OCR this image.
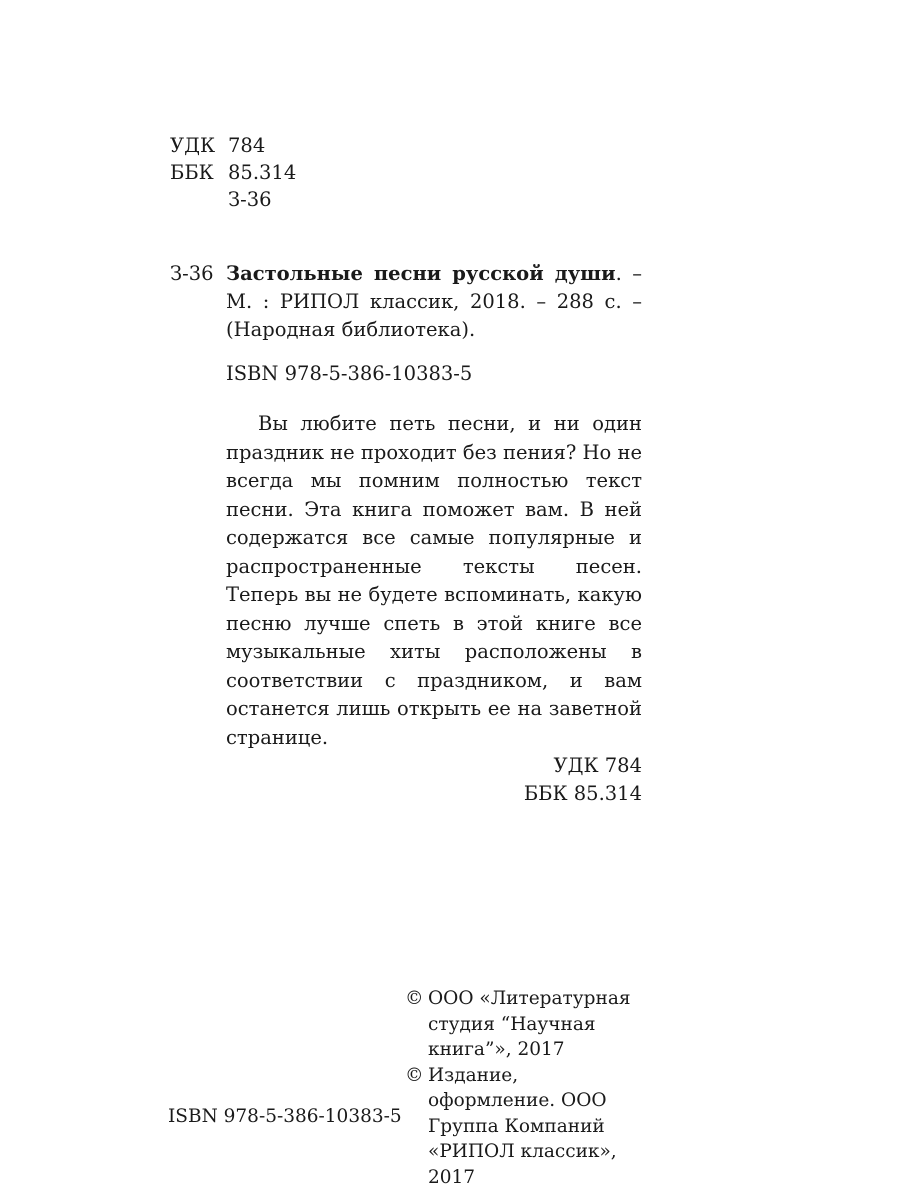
УДК 784
ББК 85.314
З-36
З-36 Застольные песни русской души. – М. : РИПОЛ классик, 2018. – 288 с. – (Народная библиотека).
ISBN 978-5-386-10383-5

Вы любите петь песни, и ни один праздник не проходит без пения? Но не всегда мы помним полностью текст песни. Эта книга поможет вам. В ней содержатся все самые популярные и распространенные тексты песен. Теперь вы не будете вспоминать, какую песню лучше спеть в этой книге все музыкальные хиты расположены в соответствии с праздником, и вам останется лишь открыть ее на заветной странице.

УДК 784
ББК 85.314
© ООО «Литературная студия “Научная книга”», 2017
© Издание, оформление. ООО Группа Компаний «РИПОЛ классик», 2017
ISBN 978-5-386-10383-5
